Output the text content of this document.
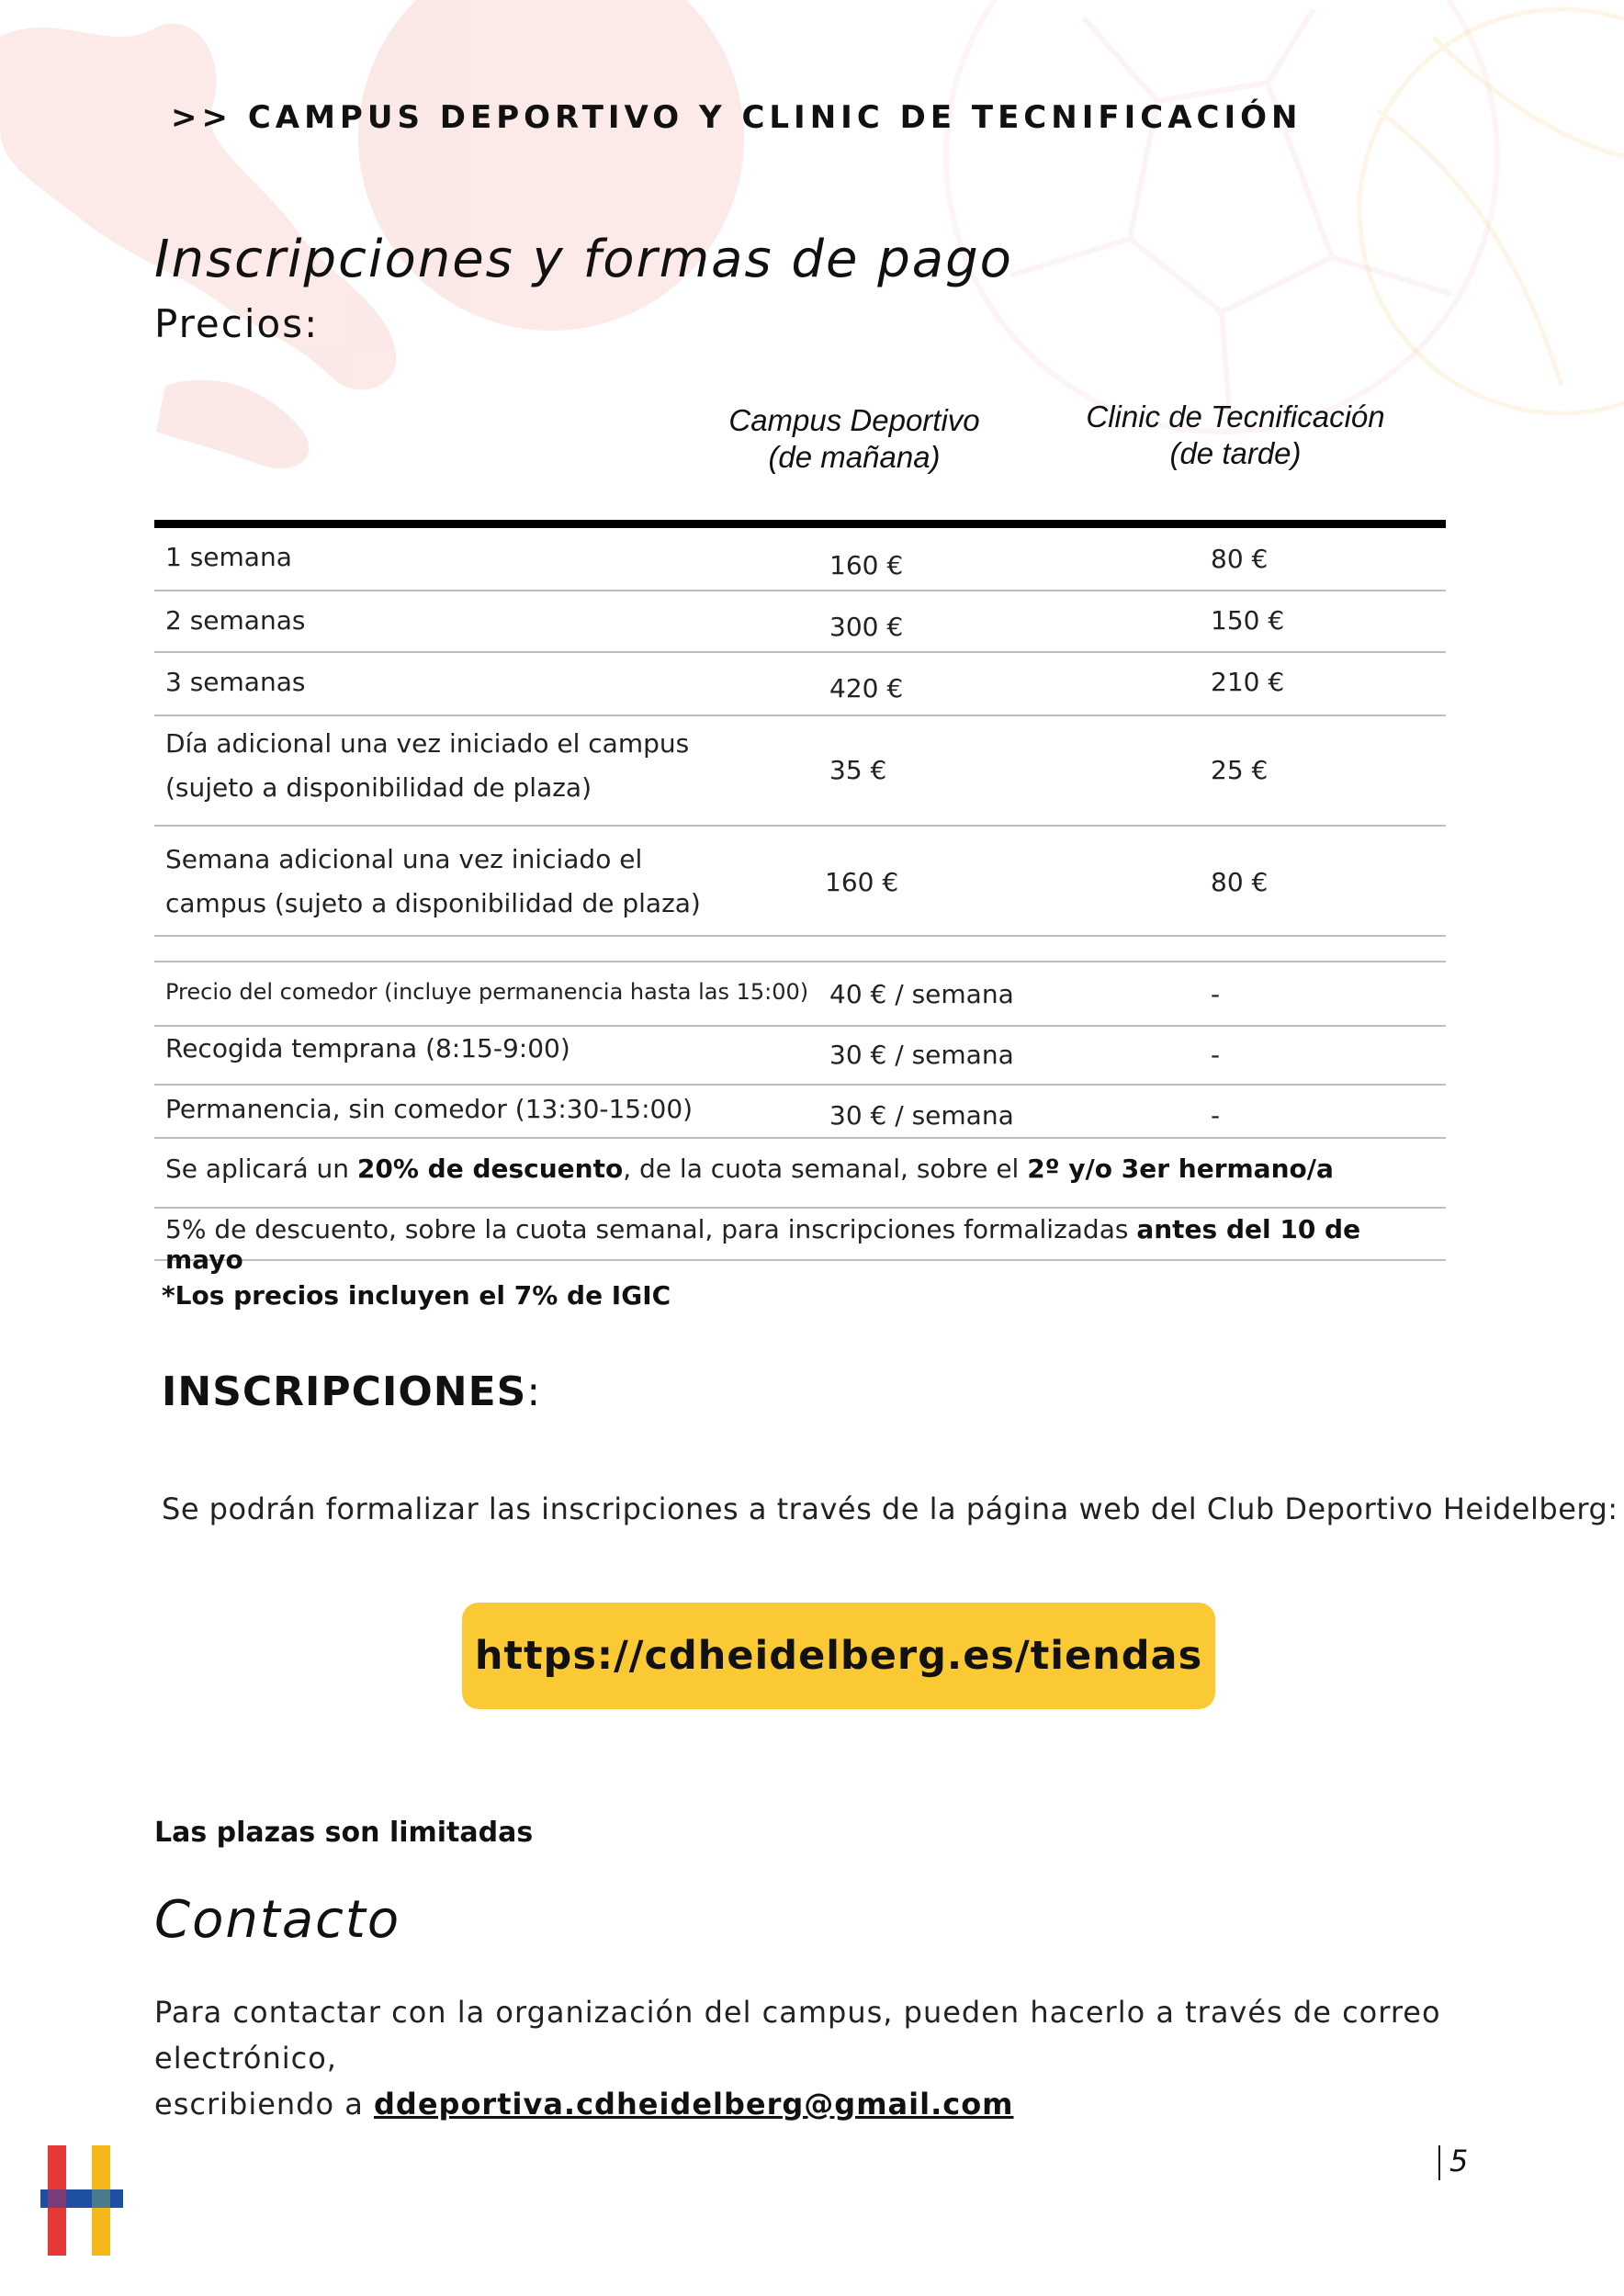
>> CAMPUS DEPORTIVO Y CLINIC DE TECNIFICACIÓN
Inscripciones y formas de pago
Precios:
Campus Deportivo
(de mañana)
Clinic de Tecnificación
(de tarde)
1 semana	160 €	80 €
2 semanas	300 €	150 €
3 semanas	420 €	210 €
Día adicional una vez iniciado el campus
(sujeto a disponibilidad de plaza)
35 €	25 €
Semana adicional una vez iniciado el
campus (sujeto a disponibilidad de plaza)
160 €	80 €
Precio del comedor (incluye permanencia hasta las 15:00) 40 € / semana	-
Recogida temprana (8:15-9:00)	30 € / semana	-
Permanencia, sin comedor (13:30-15:00)	30 € / semana	-
Se aplicará un 20% de descuento, de la cuota semanal, sobre el 2º y/o 3er hermano/a
5% de descuento, sobre la cuota semanal, para inscripciones formalizadas antes del 10 de mayo
*Los precios incluyen el 7% de IGIC
INSCRIPCIONES:
Se podrán formalizar las inscripciones a través de la página web del Club Deportivo Heidelberg:
https://cdheidelberg.es/tiendas
Las plazas son limitadas
Contacto
Para contactar con la organización del campus, pueden hacerlo a través de correo electrónico,
escribiendo a ddeportiva.cdheidelberg@gmail.com
5
